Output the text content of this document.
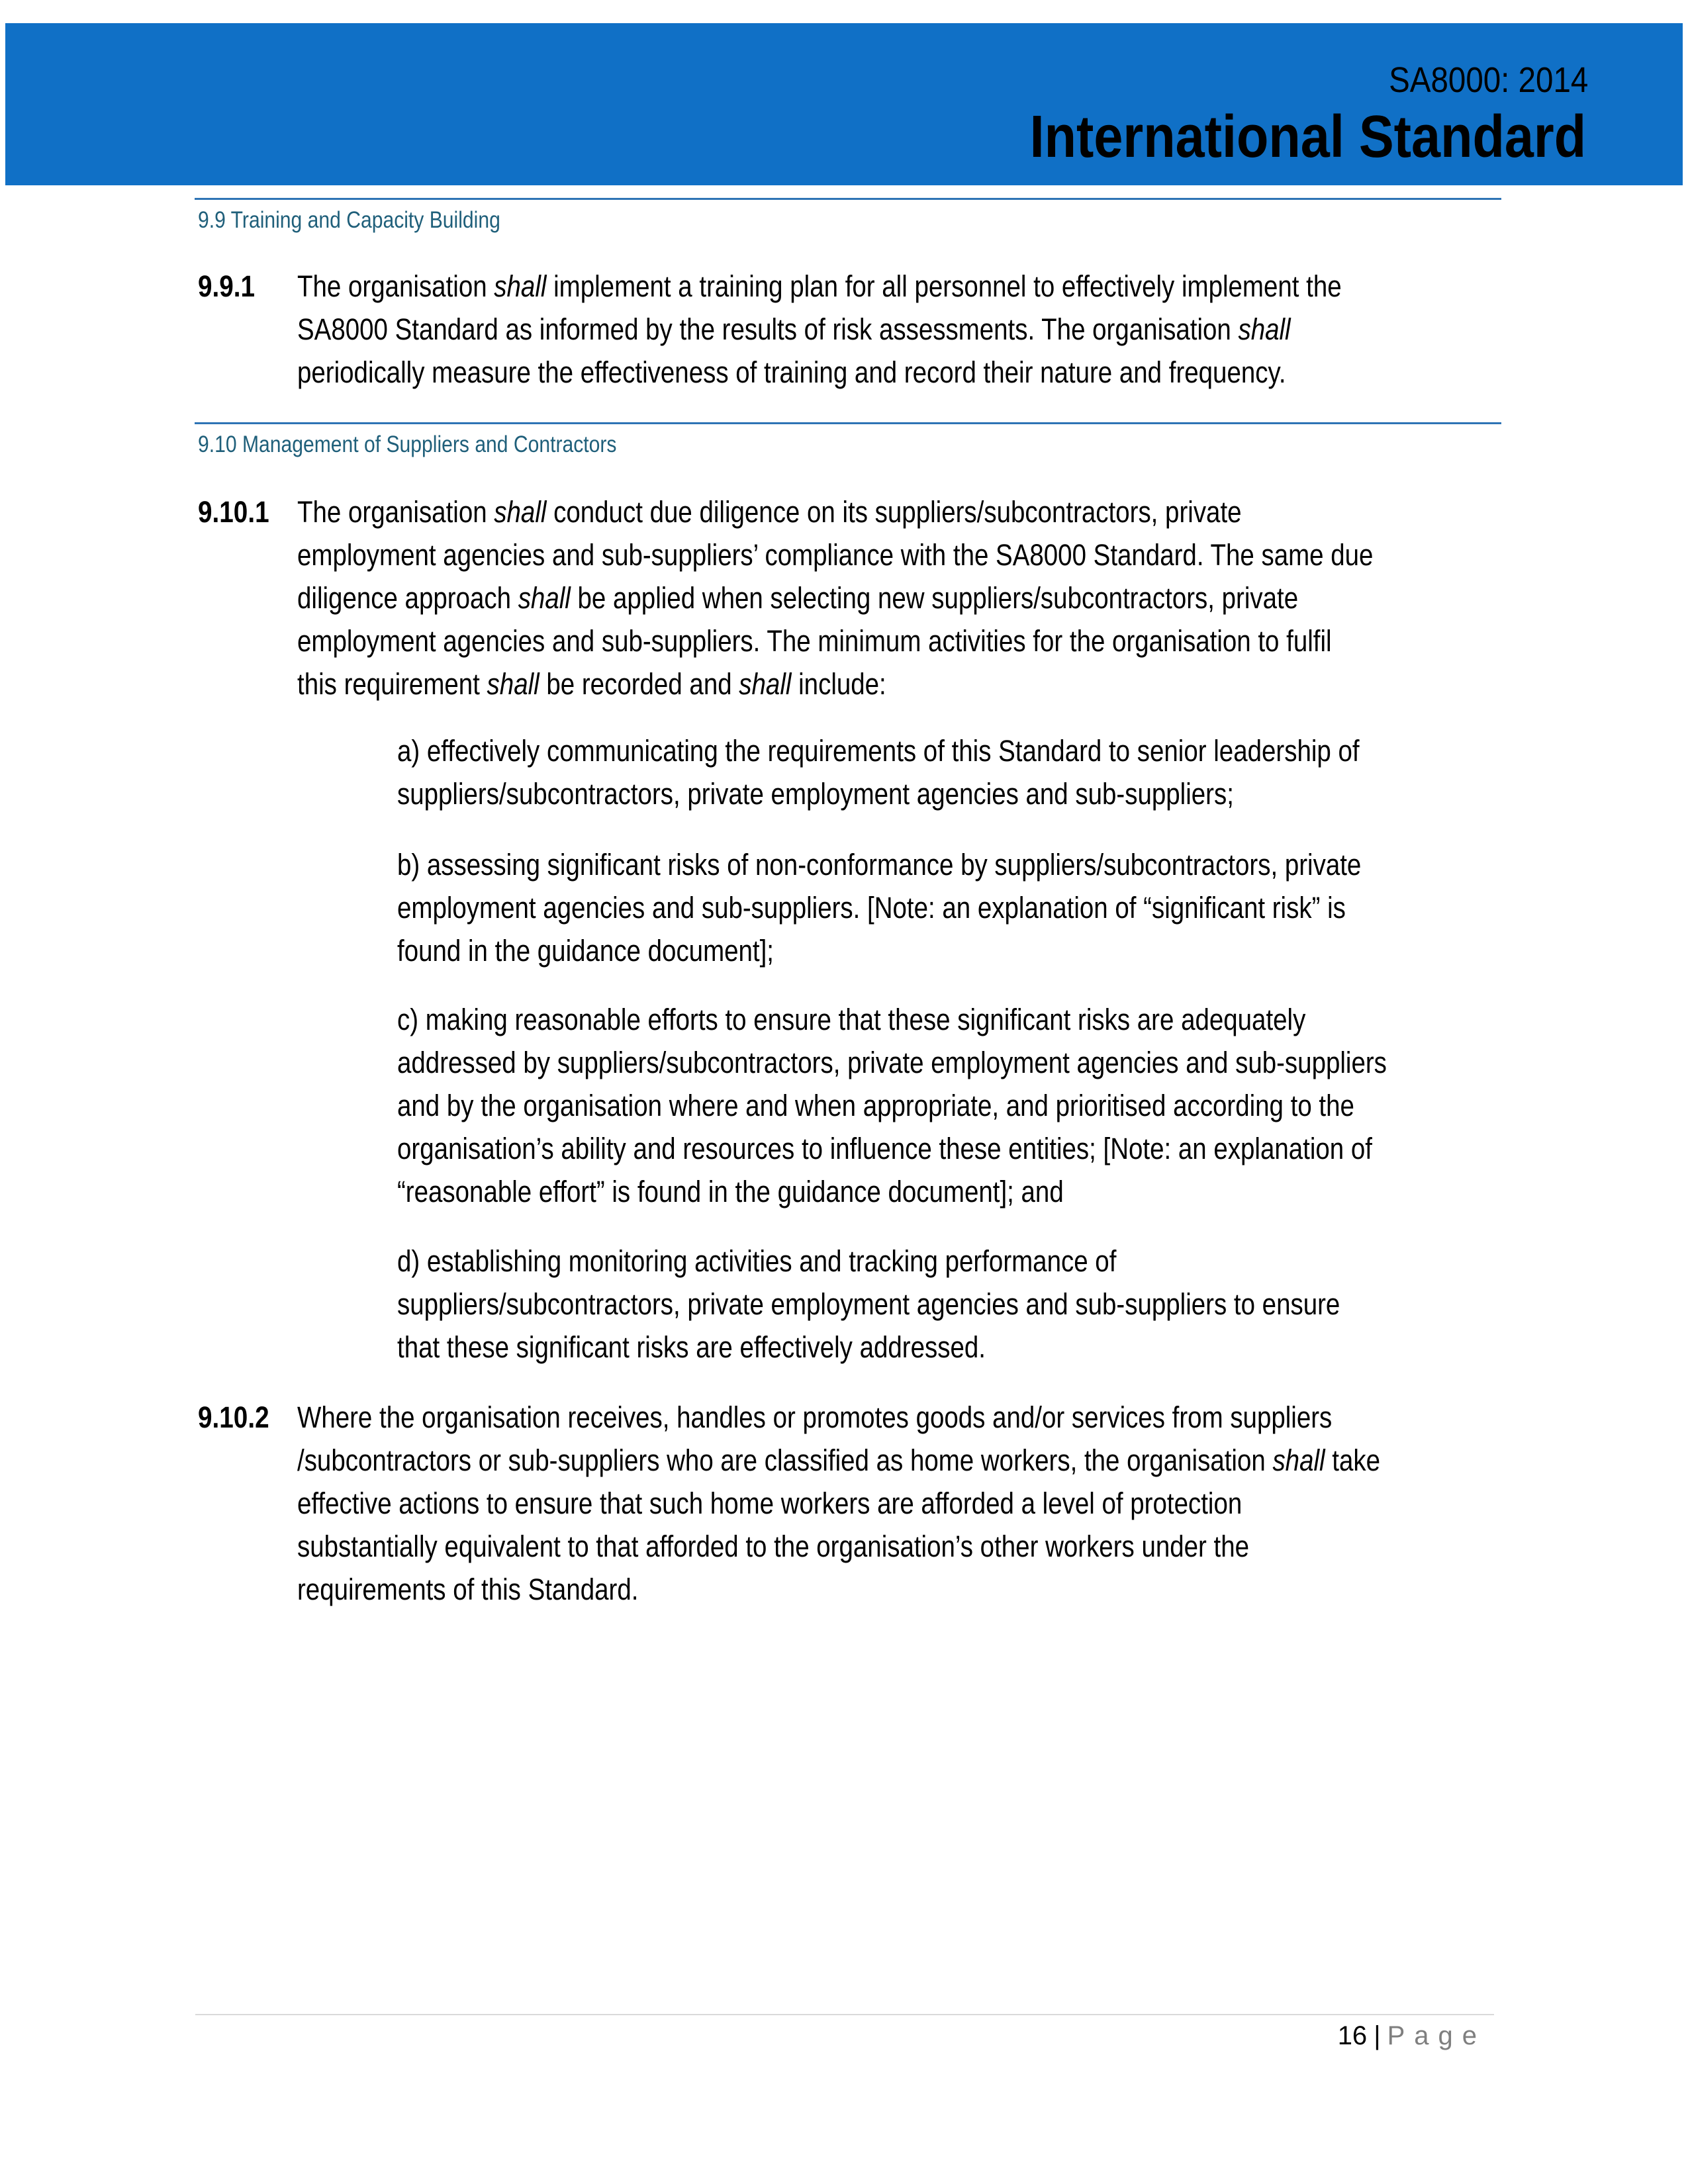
SA8000: 2014
International Standard
9.9 Training and Capacity Building
9.9.1 The organisation shall implement a training plan for all personnel to effectively implement the
SA8000 Standard as informed by the results of risk assessments. The organisation shall
periodically measure the effectiveness of training and record their nature and frequency.
9.10 Management of Suppliers and Contractors
9.10.1 The organisation shall conduct due diligence on its suppliers/subcontractors, private
employment agencies and sub-suppliers’ compliance with the SA8000 Standard. The same due
diligence approach shall be applied when selecting new suppliers/subcontractors, private
employment agencies and sub-suppliers. The minimum activities for the organisation to fulfil
this requirement shall be recorded and shall include:
a) effectively communicating the requirements of this Standard to senior leadership of
suppliers/subcontractors, private employment agencies and sub-suppliers;
b) assessing significant risks of non-conformance by suppliers/subcontractors, private
employment agencies and sub-suppliers. [Note: an explanation of “significant risk” is
found in the guidance document];
c) making reasonable efforts to ensure that these significant risks are adequately
addressed by suppliers/subcontractors, private employment agencies and sub-suppliers
and by the organisation where and when appropriate, and prioritised according to the
organisation’s ability and resources to influence these entities; [Note: an explanation of
“reasonable effort” is found in the guidance document]; and
d) establishing monitoring activities and tracking performance of
suppliers/subcontractors, private employment agencies and sub-suppliers to ensure
that these significant risks are effectively addressed.
9.10.2 Where the organisation receives, handles or promotes goods and/or services from suppliers
/subcontractors or sub-suppliers who are classified as home workers, the organisation shall take
effective actions to ensure that such home workers are afforded a level of protection
substantially equivalent to that afforded to the organisation’s other workers under the
requirements of this Standard.
16 | Page
